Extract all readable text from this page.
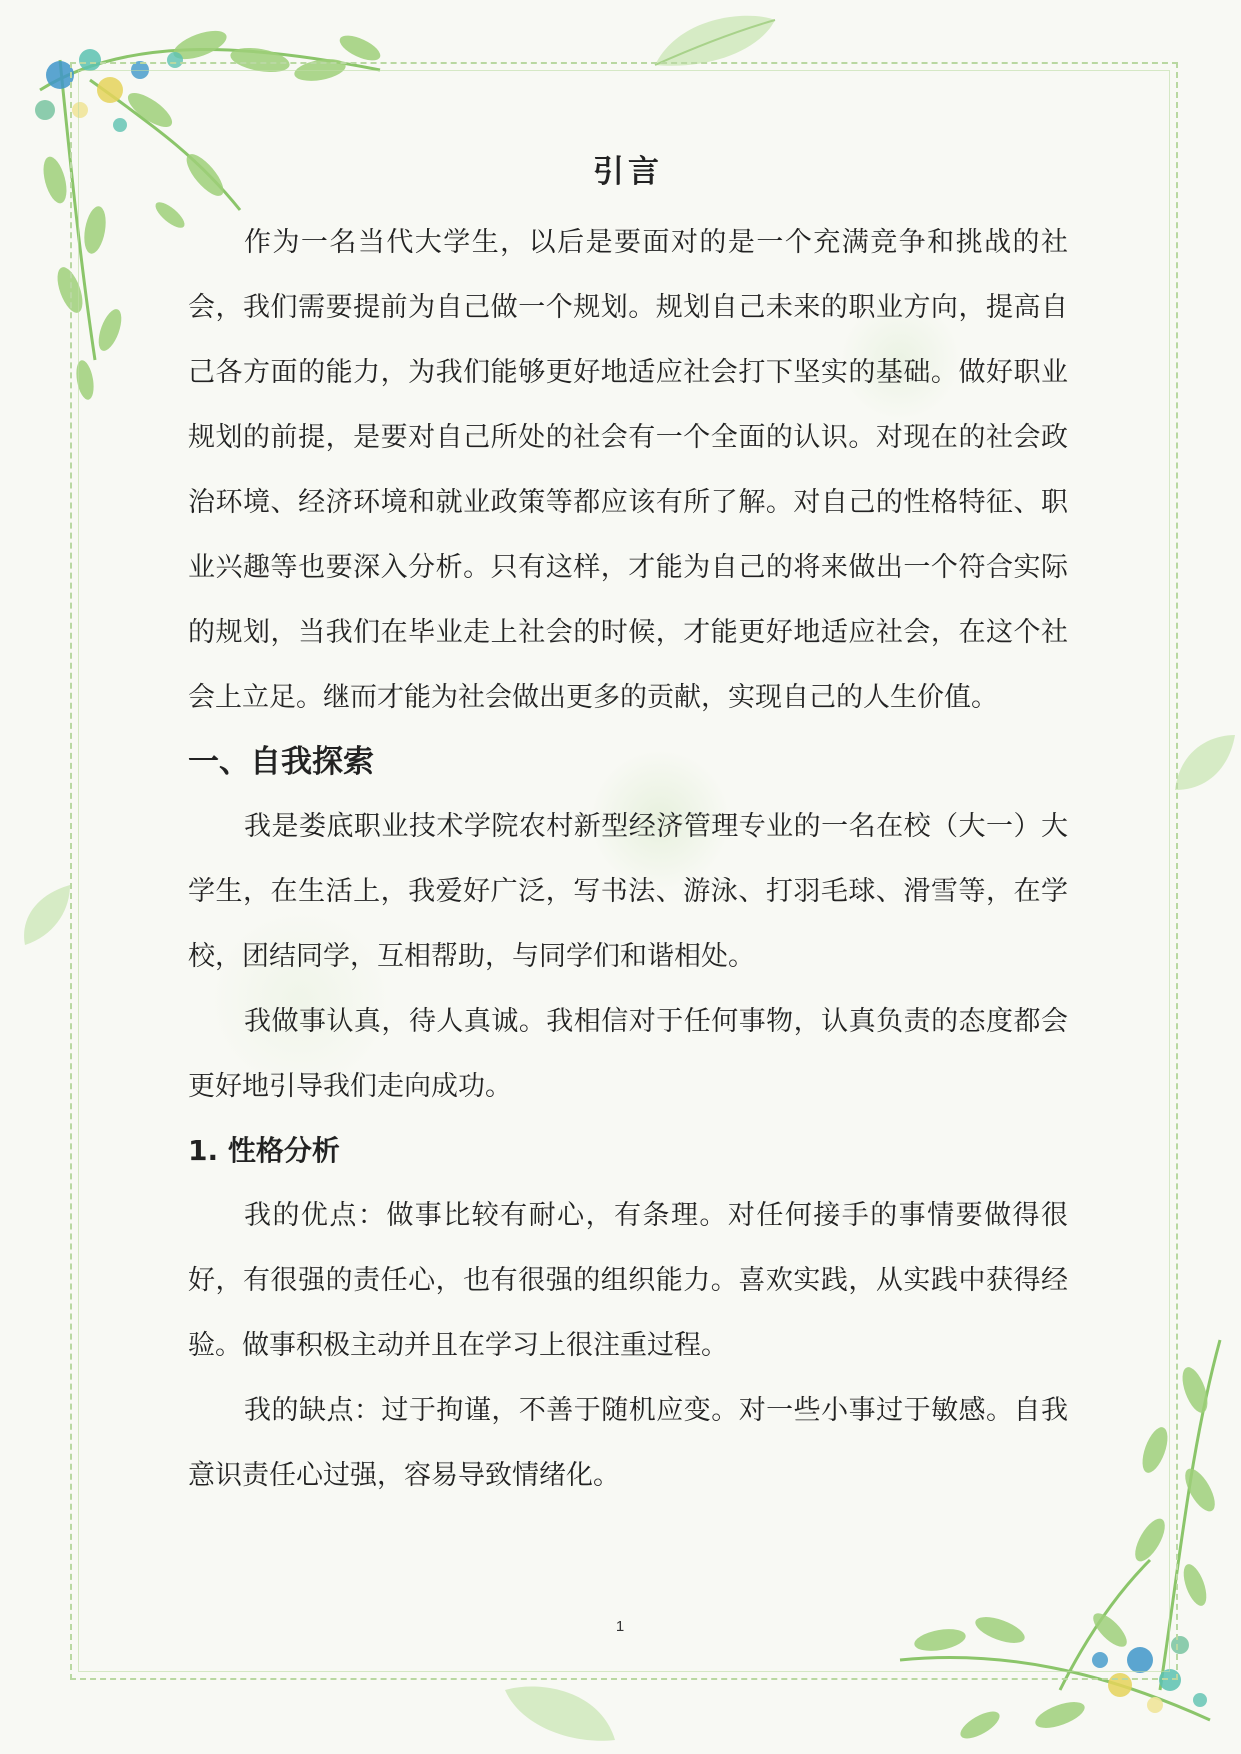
引言

作为一名当代大学生，以后是要面对的是一个充满竞争和挑战的社会，我们需要提前为自己做一个规划。规划自己未来的职业方向，提高自己各方面的能力，为我们能够更好地适应社会打下坚实的基础。做好职业规划的前提，是要对自己所处的社会有一个全面的认识。对现在的社会政治环境、经济环境和就业政策等都应该有所了解。对自己的性格特征、职业兴趣等也要深入分析。只有这样，才能为自己的将来做出一个符合实际的规划，当我们在毕业走上社会的时候，才能更好地适应社会，在这个社会上立足。继而才能为社会做出更多的贡献，实现自己的人生价值。

一、自我探索

我是娄底职业技术学院农村新型经济管理专业的一名在校（大一）大学生，在生活上，我爱好广泛，写书法、游泳、打羽毛球、滑雪等，在学校，团结同学，互相帮助，与同学们和谐相处。

我做事认真，待人真诚。我相信对于任何事物，认真负责的态度都会更好地引导我们走向成功。

1. 性格分析

我的优点：做事比较有耐心，有条理。对任何接手的事情要做得很好，有很强的责任心，也有很强的组织能力。喜欢实践，从实践中获得经验。做事积极主动并且在学习上很注重过程。

我的缺点：过于拘谨，不善于随机应变。对一些小事过于敏感。自我意识责任心过强，容易导致情绪化。

1
